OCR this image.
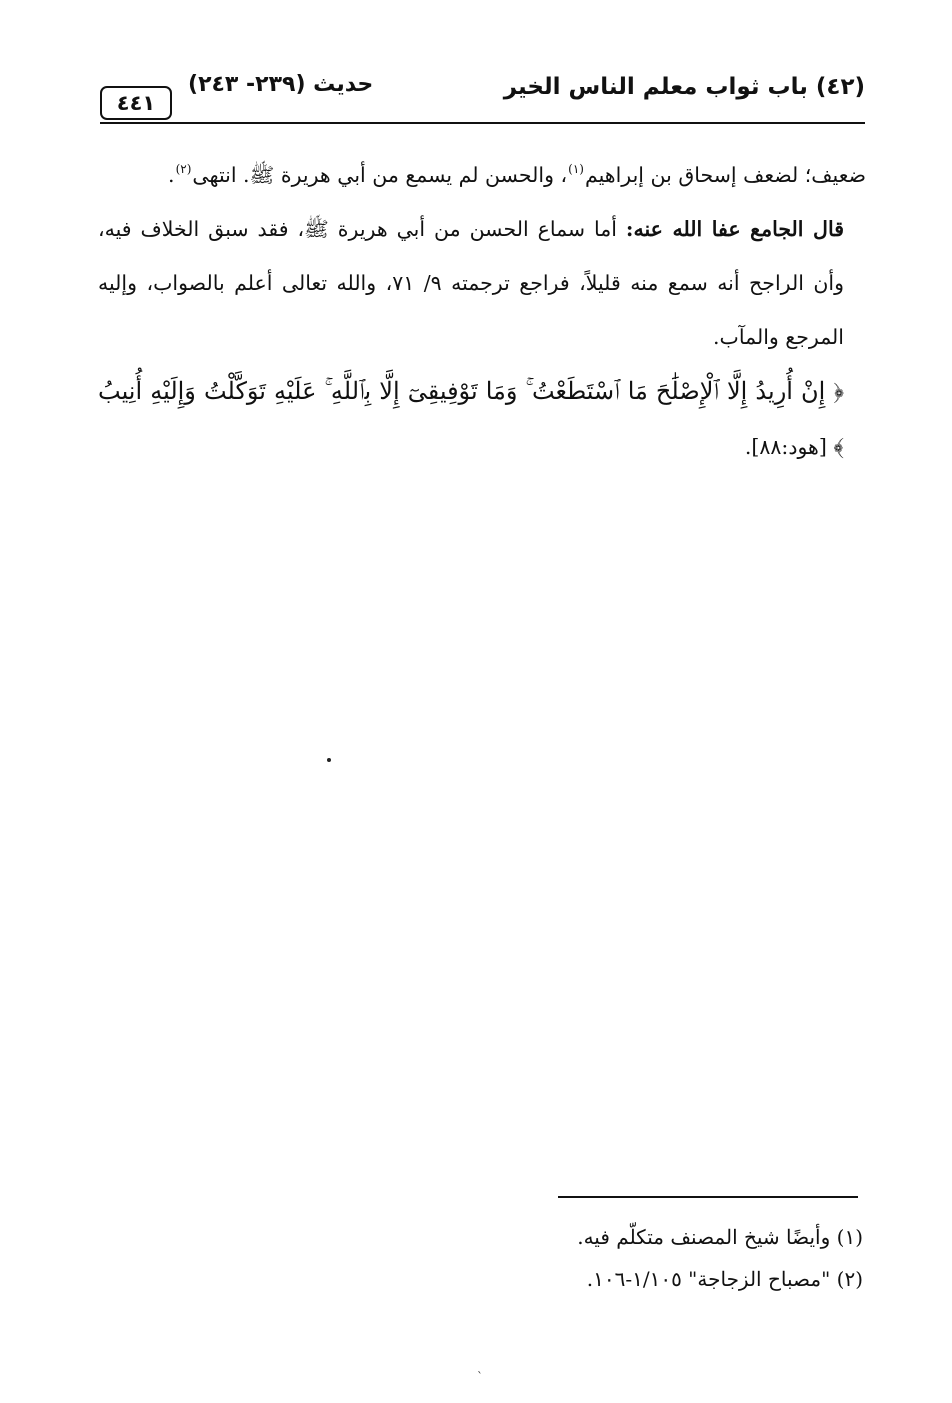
٤٤١
حديث (٢٣٩- ٢٤٣)	(٤٢) باب ثواب معلم الناس الخير

ضعيف؛ لضعف إسحاق بن إبراهيم$^{(١)}$، والحسن لم يسمع من أبي هريرة ﷺ. انتهى$^{(٢)}$.

قال الجامع عفا الله عنه: أما سماع الحسن من أبي هريرة ﷺ، فقد سبق الخلاف فيه، وأن الراجح أنه سمع منه قليلاً، فراجع ترجمته ٩/ ٧١، والله تعالى أعلم بالصواب، وإليه المرجع والمآب.

﴿ إِنْ أُرِيدُ إِلَّا ٱلْإِصْلَٰحَ مَا ٱسْتَطَعْتُ ۚ وَمَا تَوْفِيقِىٓ إِلَّا بِٱللَّهِ ۚ عَلَيْهِ تَوَكَّلْتُ وَإِلَيْهِ أُنِيبُ ﴾ [هود:٨٨].

(١) وأيضًا شيخ المصنف متكلّم فيه.

(٢) "مصباح الزجاجة" ١/١٠٥-١٠٦.

ˋ
